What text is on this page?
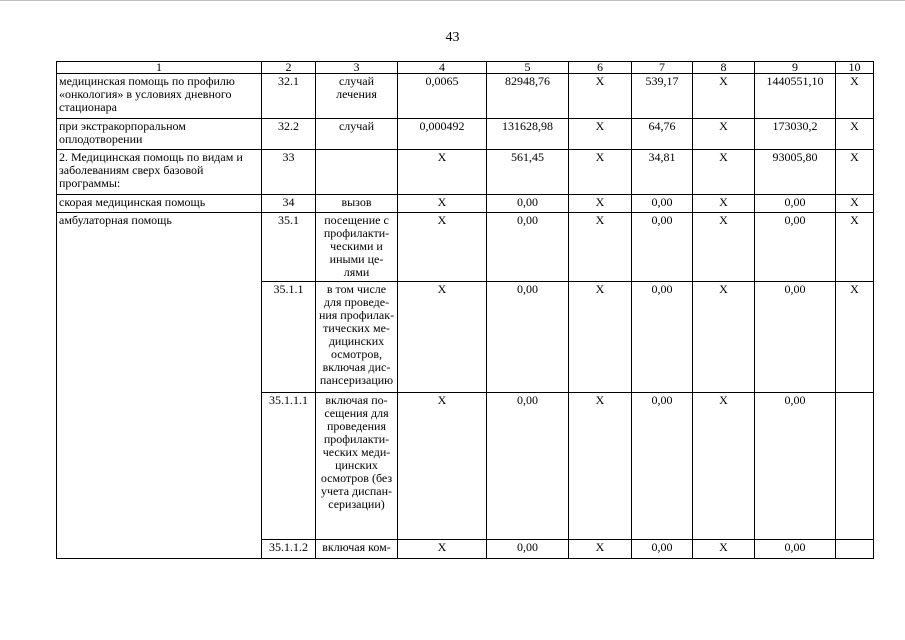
43
1	2	3	4	5	6	7	8	9	10
медицинская помощь по профилю «онкология» в условиях дневного стационара	32.1	случай лечения	0,0065	82948,76	X	539,17	X	1440551,10	X
при экстракорпоральном оплодотворении	32.2	случай	0,000492	131628,98	X	64,76	X	173030,2	X
2. Медицинская помощь по видам и заболеваниям сверх базовой программы:	33		X	561,45	X	34,81	X	93005,80	X
скорая медицинская помощь	34	вызов	X	0,00	X	0,00	X	0,00	X
амбулаторная помощь	35.1	посещение с профилакти-ческими и иными це-лями	X	0,00	X	0,00	X	0,00	X
	35.1.1	в том числе для проведе-ния профилак-тических ме-дицинских осмотров, включая дис-пансеризацию	X	0,00	X	0,00	X	0,00	X
	35.1.1.1	включая по-сещения для проведения профилакти-ческих меди-цинских осмотров (без учета диспан-серизации)	X	0,00	X	0,00	X	0,00	
	35.1.1.2	включая ком-	X	0,00	X	0,00	X	0,00	
